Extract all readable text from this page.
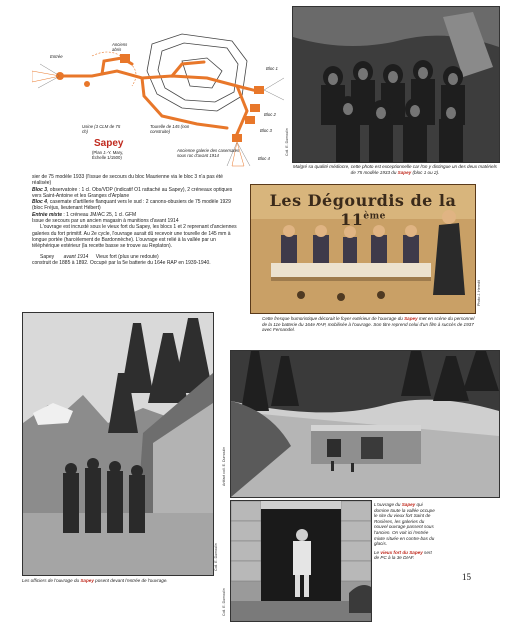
Entrée
Anciens abris
Bloc 1
Bloc 2
Bloc 3
Bloc 4
Usine (3 CLM de 75 ch)
Tourelle de 145 (non construite)
Ancienne galerie des casemates sous roc d'avant 1914
Sapey
(Plan J.-Y. Mary, Échelle 1/1500)
Coll. E. Dumoulin
Malgré sa qualité médiocre, cette photo est exceptionnelle car l'on y distingue un des deux matériels de 75 modèle 1933 du Sapey (bloc 1 ou 2).

sier de 75 modèle 1933 (l'issue de secours du bloc Maurienne via le bloc 3 n'a pas été réalisée)

Bloc 3, observatoire : 1 cl. Obs/VDP (indicatif O1 rattaché au Sapey), 2 créneaux optiques vers Saint-Antoine et les Granges d'Arplane

Bloc 4, casemate d'artillerie flanquant vers le sud : 2 canons-obusiers de 75 modèle 1929 (bloc Fréjus, lieutenant Hébert)

Entrée mixte : 1 créneau JM/AC 25, 1 cl. GFM

Issue de secours par un ancien magasin à munitions d'avant 1914

L'ouvrage est incrusté sous le vieux fort du Sapey, les blocs 1 et 2 reprenant d'anciennes galeries du fort primitif. Au 2e cycle, l'ouvrage aurait dû recevoir une tourelle de 145 mm à longue portée (harcèlement de Bardonnèche). L'ouvrage est relié à la vallée par un téléphérique extérieur (la recette basse se trouve au Replaton).

Sapey avant 1914 Vieux fort (plus une redoute)

construit de 1885 à 1892. Occupé par la 5e batterie du 164e RAP en 1939-1940.

Les Dégourdis de la 11ème
Photo J. Heredit
Cette fresque humoristique décorait le foyer extérieur de l'ouvrage du Sapey met en scène du personnel de la 11e batterie du 164e RAP, mobilisée à l'ouvrage. Son titre reprend celui d'un film à succès de 1937 avec Fernandel.
Coll. E. Dumoulin
Les officiers de l'ouvrage du Sapey posent devant l'entrée de l'ouvrage.
Artifact coll. E. Dumoulin
Coll. E. Dumoulin

L'ouvrage du Sapey qui domine toute la vallée occupe le site du vieux fort Saint de Rosières, les galeries du nouvel ouvrage passent sous l'ancien. On voit ici l'entrée mixte située en contre-bas du glacis.

Le vieux fort du Sapey sert de PC à la 3e DIAF.

15
